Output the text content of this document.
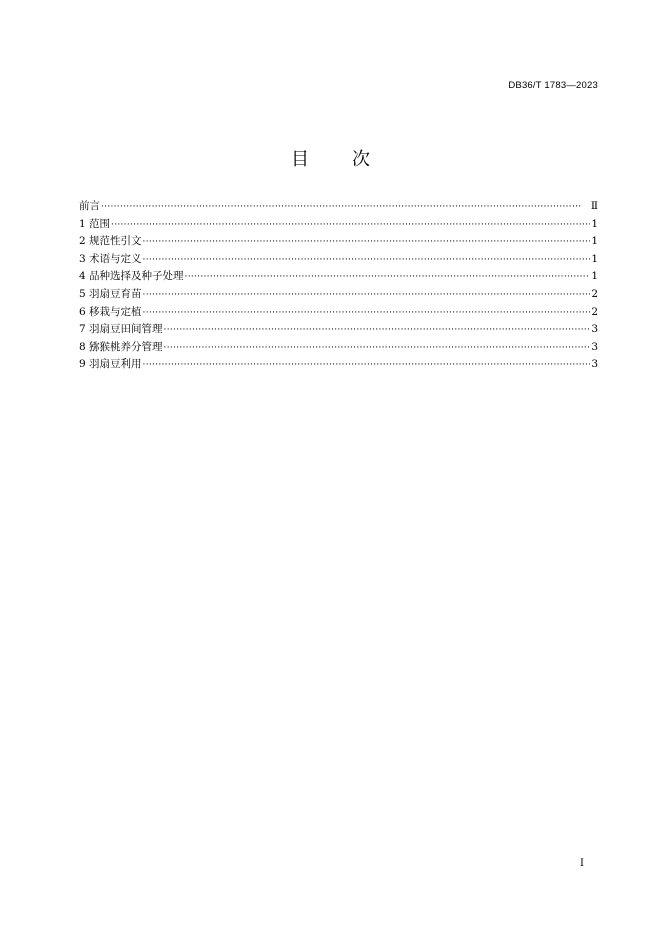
DB36/T 1783—2023
目 次
前言 ·····	Ⅱ
1 范围 ·····	1
2 规范性引文 ·····	1
3 术语与定义 ·····	1
4 品种选择及种子处理 ·····	1
5 羽扇豆育苗 ·····	2
6 移栽与定植 ·····	2
7 羽扇豆田间管理 ·····	3
8 猕猴桃养分管理 ·····	3
9 羽扇豆利用 ·····	3
I
